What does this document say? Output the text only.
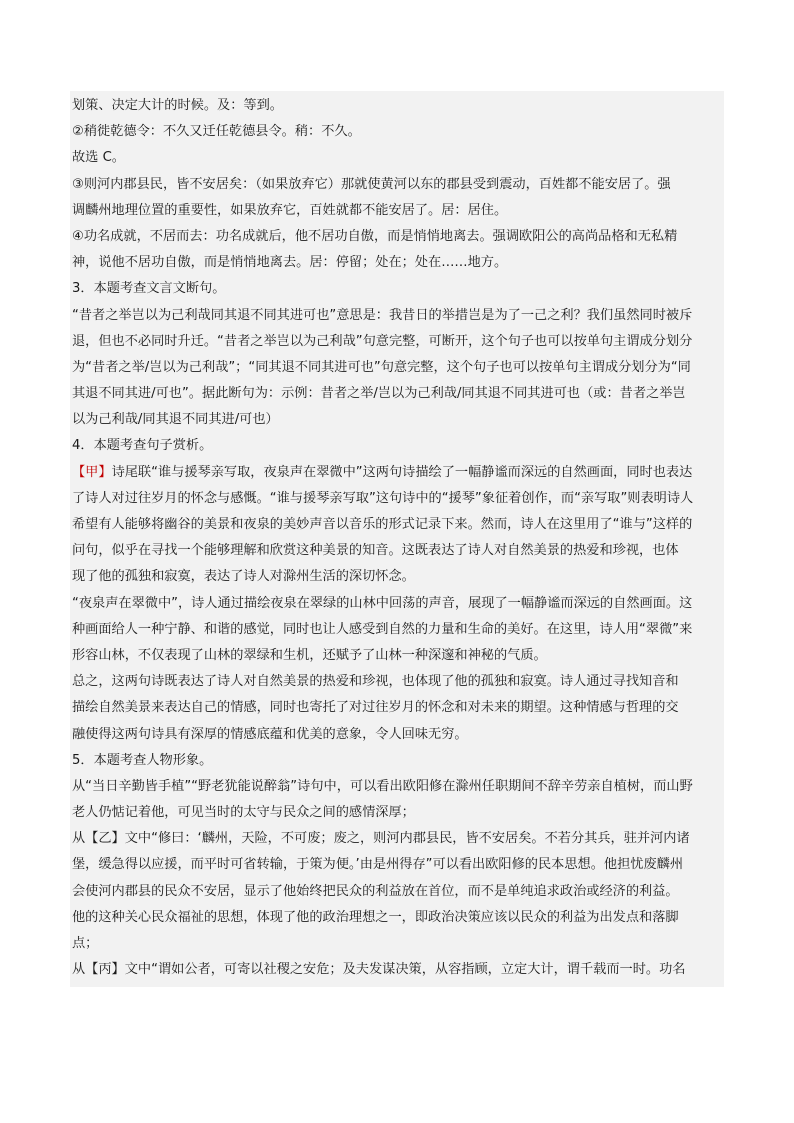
划策、决定大计的时候。及：等到。
②稍徙乾德令：不久又迁任乾德县令。稍：不久。
故选 C。
③则河内郡县民，皆不安居矣：（如果放弃它）那就使黄河以东的郡县受到震动，百姓都不能安居了。强
调麟州地理位置的重要性，如果放弃它，百姓就都不能安居了。居：居住。
④功名成就，不居而去：功名成就后，他不居功自傲，而是悄悄地离去。强调欧阳公的高尚品格和无私精
神，说他不居功自傲，而是悄悄地离去。居：停留；处在；处在……地方。
3．本题考查文言文断句。
“昔者之举岂以为己利哉同其退不同其进可也”意思是：我昔日的举措岂是为了一己之利？我们虽然同时被斥
退，但也不必同时升迁。“昔者之举岂以为己利哉”句意完整，可断开，这个句子也可以按单句主谓成分划分
为“昔者之举/岂以为己利哉”；“同其退不同其进可也”句意完整，这个句子也可以按单句主谓成分划分为“同
其退不同其进/可也”。据此断句为：示例：昔者之举/岂以为己利哉/同其退不同其进可也（或：昔者之举岂
以为己利哉/同其退不同其进/可也）
4．本题考查句子赏析。
【甲】诗尾联“谁与援琴亲写取，夜泉声在翠微中”这两句诗描绘了一幅静谧而深远的自然画面，同时也表达
了诗人对过往岁月的怀念与感慨。“谁与援琴亲写取”这句诗中的“援琴”象征着创作，而“亲写取”则表明诗人
希望有人能够将幽谷的美景和夜泉的美妙声音以音乐的形式记录下来。然而，诗人在这里用了“谁与”这样的
问句，似乎在寻找一个能够理解和欣赏这种美景的知音。这既表达了诗人对自然美景的热爱和珍视，也体
现了他的孤独和寂寞，表达了诗人对滁州生活的深切怀念。
“夜泉声在翠微中”，诗人通过描绘夜泉在翠绿的山林中回荡的声音，展现了一幅静谧而深远的自然画面。这
种画面给人一种宁静、和谐的感觉，同时也让人感受到自然的力量和生命的美好。在这里，诗人用“翠微”来
形容山林，不仅表现了山林的翠绿和生机，还赋予了山林一种深邃和神秘的气质。
总之，这两句诗既表达了诗人对自然美景的热爱和珍视，也体现了他的孤独和寂寞。诗人通过寻找知音和
描绘自然美景来表达自己的情感，同时也寄托了对过往岁月的怀念和对未来的期望。这种情感与哲理的交
融使得这两句诗具有深厚的情感底蕴和优美的意象，令人回味无穷。
5．本题考查人物形象。
从“当日辛勤皆手植”“野老犹能说醉翁”诗句中，可以看出欧阳修在滁州任职期间不辞辛劳亲自植树，而山野
老人仍惦记着他，可见当时的太守与民众之间的感情深厚；
从【乙】文中“修曰：‘麟州，天险，不可废；废之，则河内郡县民，皆不安居矣。不若分其兵，驻并河内诸
堡，缓急得以应援，而平时可省转输，于策为便。’由是州得存”可以看出欧阳修的民本思想。他担忧废麟州
会使河内郡县的民众不安居，显示了他始终把民众的利益放在首位，而不是单纯追求政治或经济的利益。
他的这种关心民众福祉的思想，体现了他的政治理想之一，即政治决策应该以民众的利益为出发点和落脚
点；
从【丙】文中“谓如公者，可寄以社稷之安危；及夫发谋决策，从容指顾，立定大计，谓千载而一时。功名
